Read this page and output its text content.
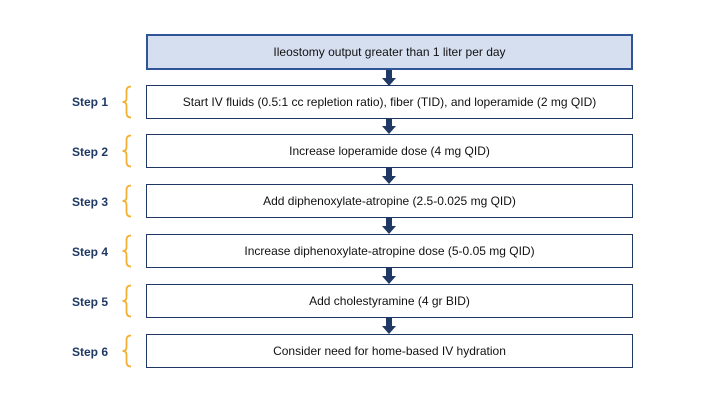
Ileostomy output greater than 1 liter per day
Step 1	Start IV fluids (0.5:1 cc repletion ratio), fiber (TID), and loperamide (2 mg QID)
Step 2	Increase loperamide dose (4 mg QID)
Step 3	Add diphenoxylate-atropine (2.5-0.025 mg QID)
Step 4	Increase diphenoxylate-atropine dose (5-0.05 mg QID)
Step 5	Add cholestyramine (4 gr BID)
Step 6	Consider need for home-based IV hydration
